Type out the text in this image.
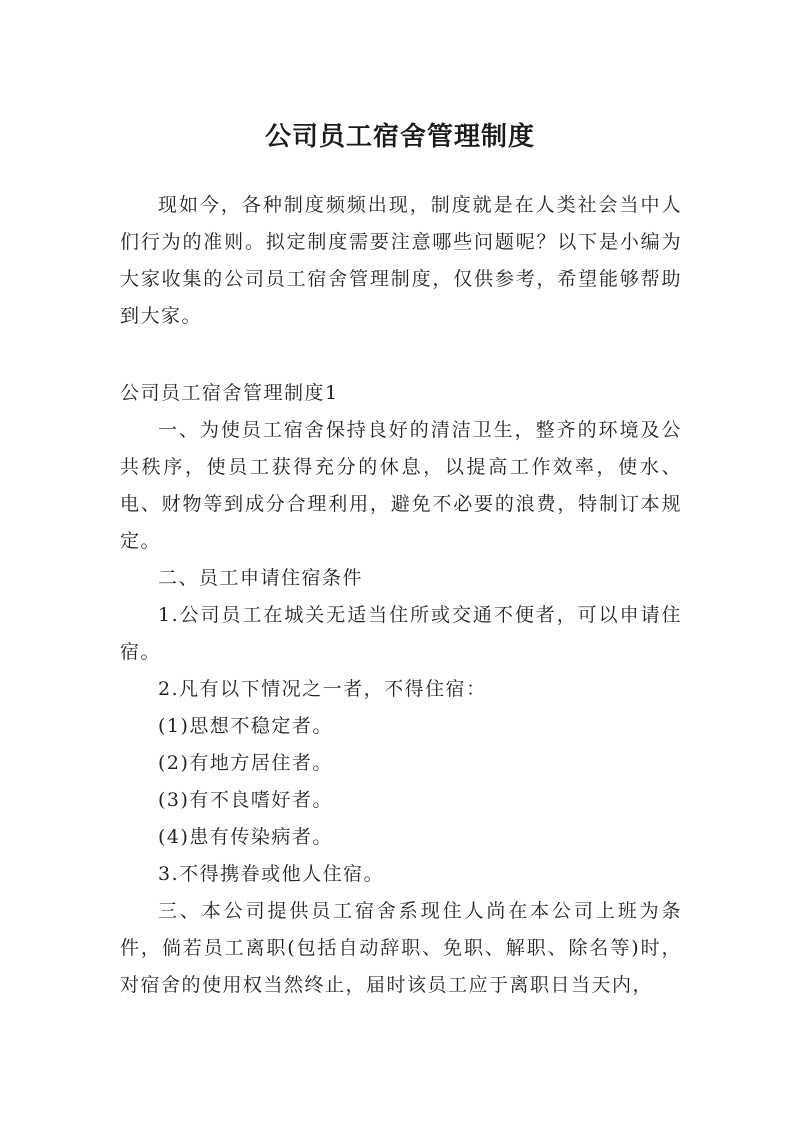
公司员工宿舍管理制度

现如今，各种制度频频出现，制度就是在人类社会当中人们行为的准则。拟定制度需要注意哪些问题呢？以下是小编为大家收集的公司员工宿舍管理制度，仅供参考，希望能够帮助到大家。

公司员工宿舍管理制度1

一、为使员工宿舍保持良好的清洁卫生，整齐的环境及公共秩序，使员工获得充分的休息，以提高工作效率，使水、电、财物等到成分合理利用，避免不必要的浪费，特制订本规定。

二、员工申请住宿条件

1.公司员工在城关无适当住所或交通不便者，可以申请住宿。

2.凡有以下情况之一者，不得住宿：

(1)思想不稳定者。

(2)有地方居住者。

(3)有不良嗜好者。

(4)患有传染病者。

3.不得携眷或他人住宿。

三、本公司提供员工宿舍系现住人尚在本公司上班为条件，倘若员工离职(包括自动辞职、免职、解职、除名等)时，对宿舍的使用权当然终止，届时该员工应于离职日当天内，
